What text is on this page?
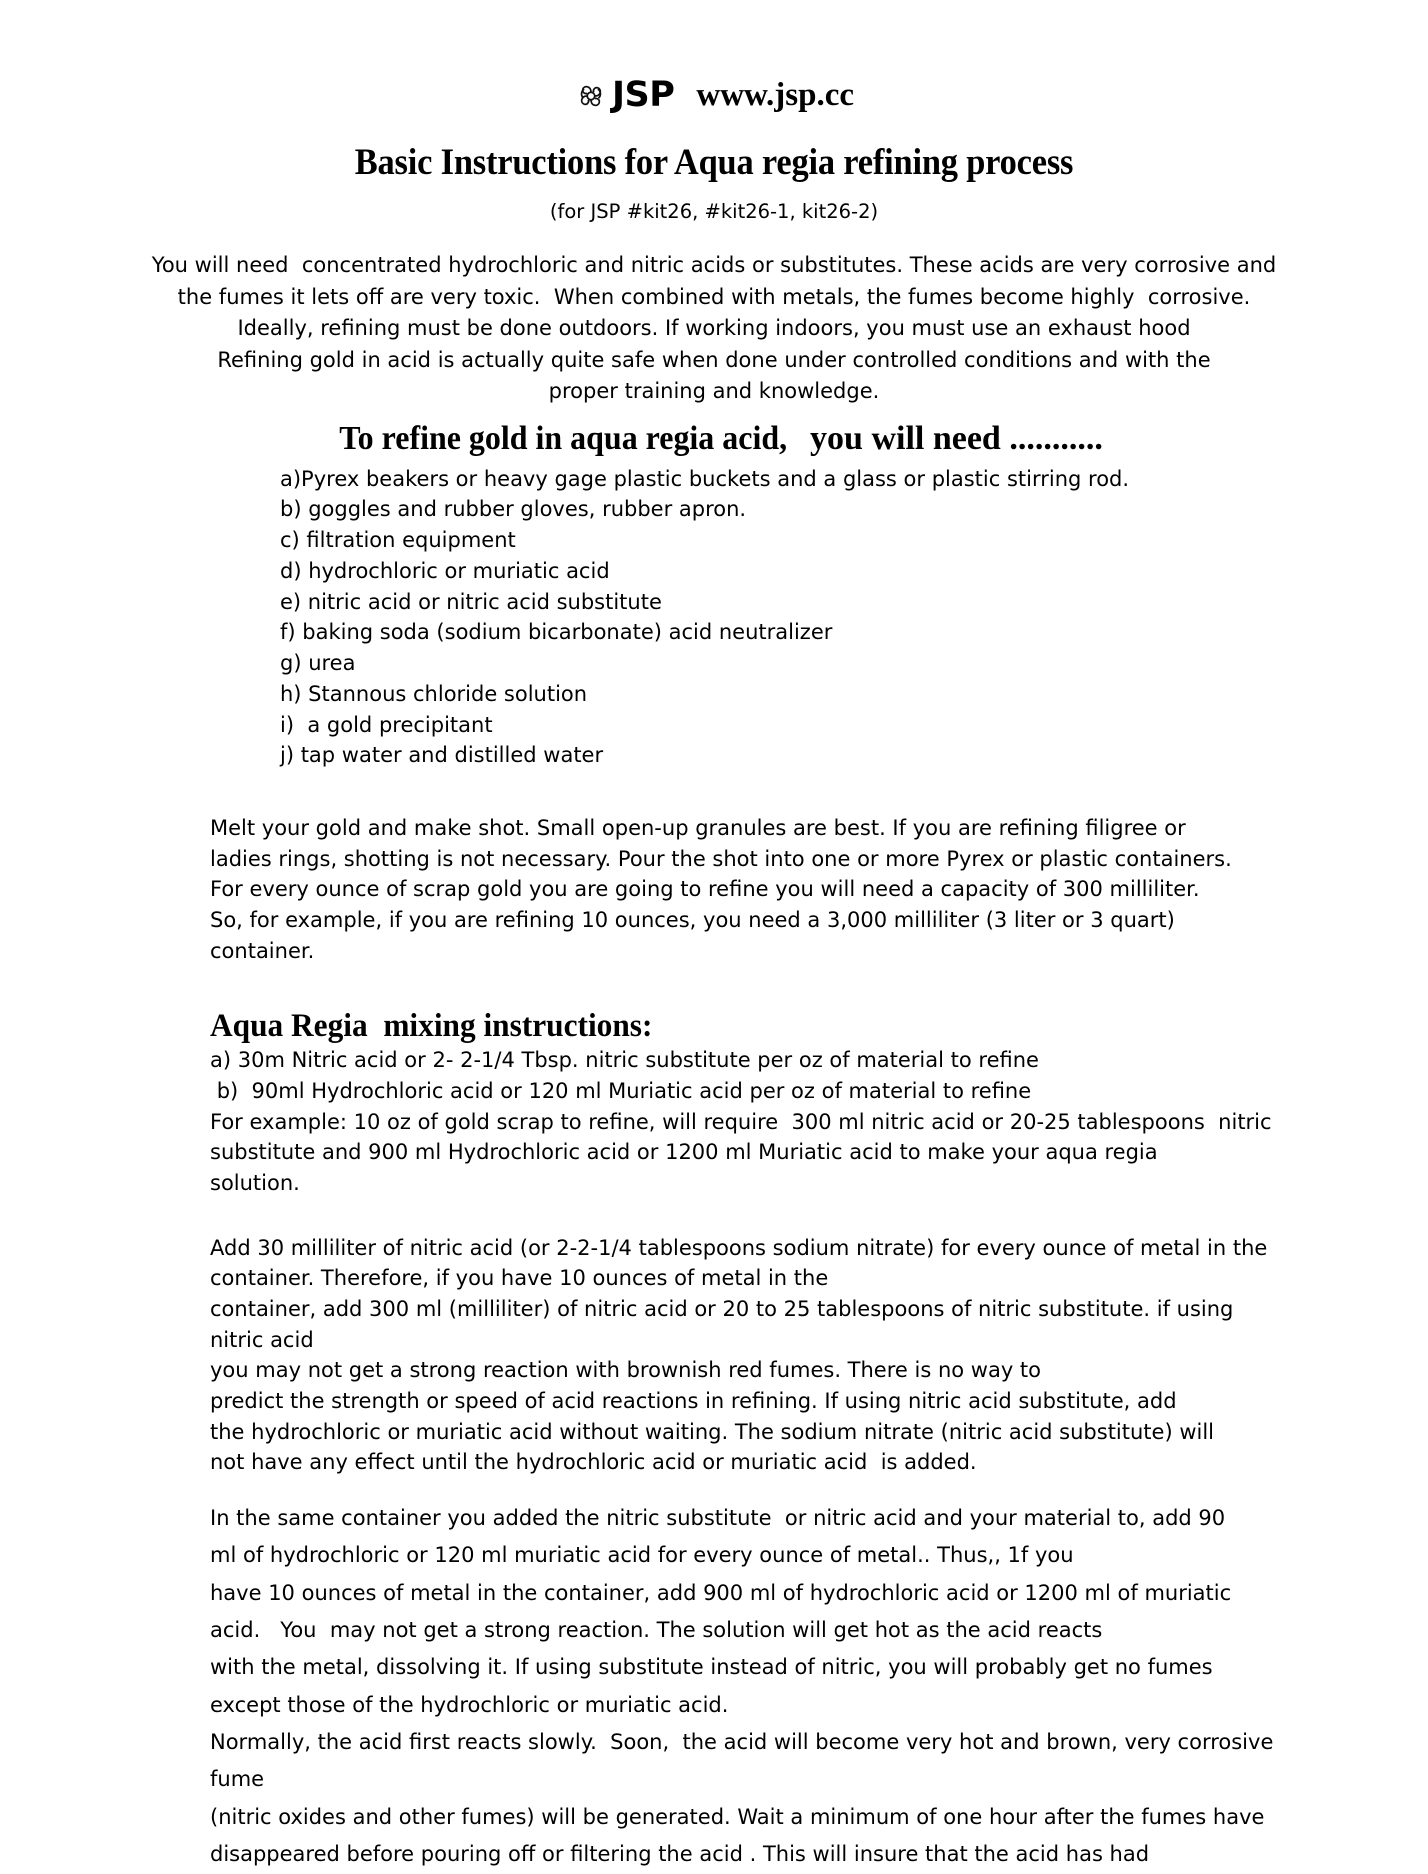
JSP www.jsp.cc
Basic Instructions for Aqua regia refining process
(for JSP #kit26, #kit26-1, kit26-2)
You will need  concentrated hydrochloric and nitric acids or substitutes. These acids are very corrosive and
the fumes it lets off are very toxic.  When combined with metals, the fumes become highly  corrosive.
Ideally, refining must be done outdoors. If working indoors, you must use an exhaust hood
Refining gold in acid is actually quite safe when done under controlled conditions and with the
proper training and knowledge.
To refine gold in aqua regia acid, you will need ...........
a)Pyrex beakers or heavy gage plastic buckets and a glass or plastic stirring rod.
b) goggles and rubber gloves, rubber apron.
c) filtration equipment
d) hydrochloric or muriatic acid
e) nitric acid or nitric acid substitute
f) baking soda (sodium bicarbonate) acid neutralizer
g) urea
h) Stannous chloride solution
i)  a gold precipitant
j) tap water and distilled water
Melt your gold and make shot. Small open-up granules are best. If you are refining filigree or
ladies rings, shotting is not necessary. Pour the shot into one or more Pyrex or plastic containers.
For every ounce of scrap gold you are going to refine you will need a capacity of 300 milliliter.
So, for example, if you are refining 10 ounces, you need a 3,000 milliliter (3 liter or 3 quart)
container.
Aqua Regia  mixing instructions:
a) 30m Nitric acid or 2- 2-1/4 Tbsp. nitric substitute per oz of material to refine
b)  90ml Hydrochloric acid or 120 ml Muriatic acid per oz of material to refine
For example: 10 oz of gold scrap to refine, will require  300 ml nitric acid or 20-25 tablespoons  nitric
substitute and 900 ml Hydrochloric acid or 1200 ml Muriatic acid to make your aqua regia
solution.
Add 30 milliliter of nitric acid (or 2-2-1/4 tablespoons sodium nitrate) for every ounce of metal in the
container. Therefore, if you have 10 ounces of metal in the
container, add 300 ml (milliliter) of nitric acid or 20 to 25 tablespoons of nitric substitute. if using nitric acid
you may not get a strong reaction with brownish red fumes. There is no way to
predict the strength or speed of acid reactions in refining. If using nitric acid substitute, add
the hydrochloric or muriatic acid without waiting. The sodium nitrate (nitric acid substitute) will
not have any effect until the hydrochloric acid or muriatic acid  is added.
In the same container you added the nitric substitute  or nitric acid and your material to, add 90
ml of hydrochloric or 120 ml muriatic acid for every ounce of metal.. Thus,, 1f you
have 10 ounces of metal in the container, add 900 ml of hydrochloric acid or 1200 ml of muriatic
acid.   You  may not get a strong reaction. The solution will get hot as the acid reacts
with the metal, dissolving it. If using substitute instead of nitric, you will probably get no fumes
except those of the hydrochloric or muriatic acid.
Normally, the acid first reacts slowly.  Soon,  the acid will become very hot and brown, very corrosive fume
(nitric oxides and other fumes) will be generated. Wait a minimum of one hour after the fumes have
disappeared before pouring off or filtering the acid . This will insure that the acid has had
